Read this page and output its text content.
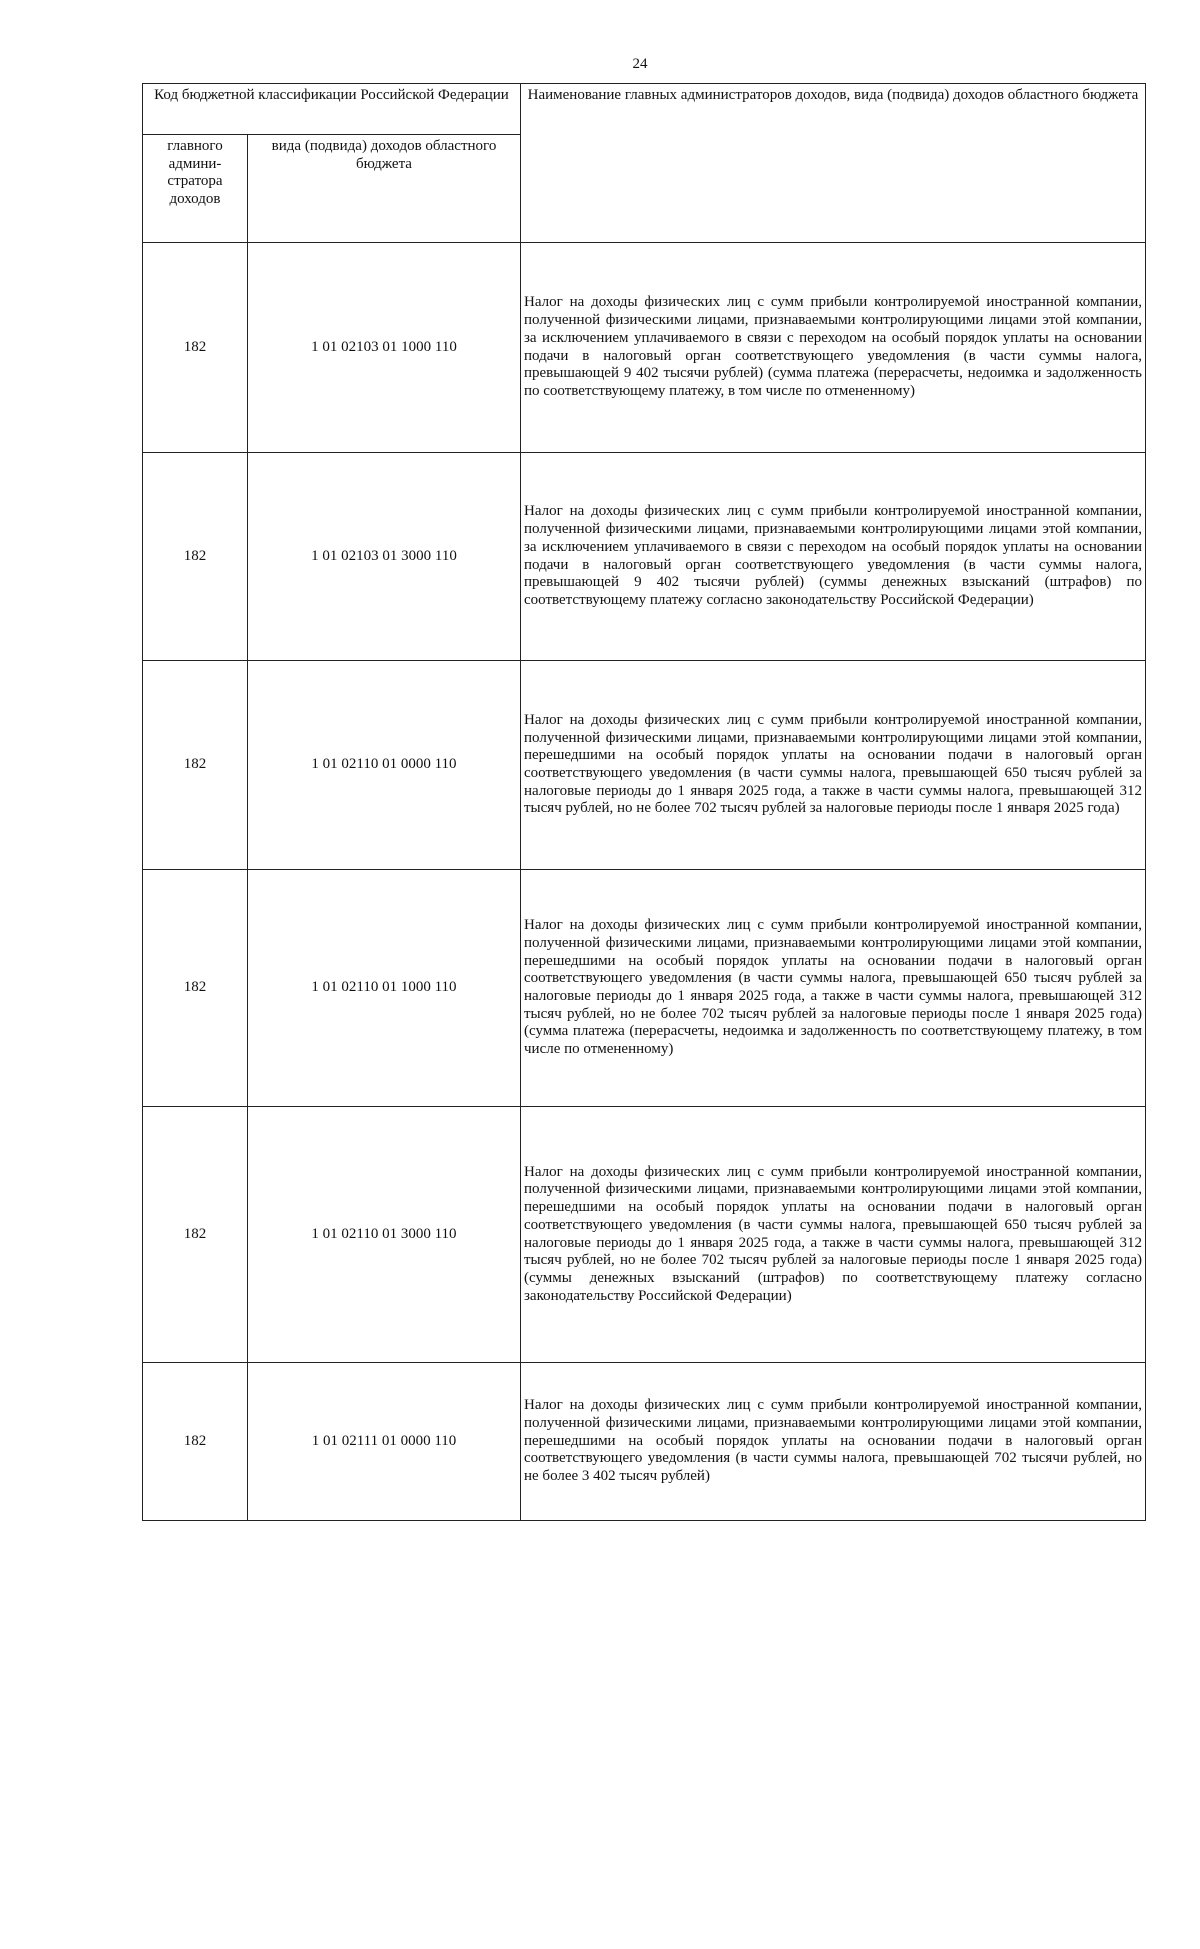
24
Код бюджетной классификации Российской Федерации		Наименование главных администраторов доходов, вида (подвида) доходов областного бюджета
главного админи-стратора доходов	вида (подвида) доходов областного бюджета	
182	1 01 02103 01 1000 110	Налог на доходы физических лиц с сумм прибыли контролируемой иностранной компании, полученной физическими лицами, признаваемыми контролирующими лицами этой компании, за исключением уплачиваемого в связи с переходом на особый порядок уплаты на основании подачи в налоговый орган соответствующего уведомления (в части суммы налога, превышающей 9 402 тысячи рублей) (сумма платежа (перерасчеты, недоимка и задолженность по соответствующему платежу, в том числе по отмененному)
182	1 01 02103 01 3000 110	Налог на доходы физических лиц с сумм прибыли контролируемой иностранной компании, полученной физическими лицами, признаваемыми контролирующими лицами этой компании, за исключением уплачиваемого в связи с переходом на особый порядок уплаты на основании подачи в налоговый орган соответствующего уведомления (в части суммы налога, превышающей 9 402 тысячи рублей) (суммы денежных взысканий (штрафов) по соответствующему платежу согласно законодательству Российской Федерации)
182	1 01 02110 01 0000 110	Налог на доходы физических лиц с сумм прибыли контролируемой иностранной компании, полученной физическими лицами, признаваемыми контролирующими лицами этой компании, перешедшими на особый порядок уплаты на основании подачи в налоговый орган соответствующего уведомления (в части суммы налога, превышающей 650 тысяч рублей за налоговые периоды до 1 января 2025 года, а также в части суммы налога, превышающей 312 тысяч рублей, но не более 702 тысяч рублей за налоговые периоды после 1 января 2025 года)
182	1 01 02110 01 1000 110	Налог на доходы физических лиц с сумм прибыли контролируемой иностранной компании, полученной физическими лицами, признаваемыми контролирующими лицами этой компании, перешедшими на особый порядок уплаты на основании подачи в налоговый орган соответствующего уведомления (в части суммы налога, превышающей 650 тысяч рублей за налоговые периоды до 1 января 2025 года, а также в части суммы налога, превышающей 312 тысяч рублей, но не более 702 тысяч рублей за налоговые периоды после 1 января 2025 года) (сумма платежа (перерасчеты, недоимка и задолженность по соответствующему платежу, в том числе по отмененному)
182	1 01 02110 01 3000 110	Налог на доходы физических лиц с сумм прибыли контролируемой иностранной компании, полученной физическими лицами, признаваемыми контролирующими лицами этой компании, перешедшими на особый порядок уплаты на основании подачи в налоговый орган соответствующего уведомления (в части суммы налога, превышающей 650 тысяч рублей за налоговые периоды до 1 января 2025 года, а также в части суммы налога, превышающей 312 тысяч рублей, но не более 702 тысяч рублей за налоговые периоды после 1 января 2025 года) (суммы денежных взысканий (штрафов) по соответствующему платежу согласно законодательству Российской Федерации)
182	1 01 02111 01 0000 110	Налог на доходы физических лиц с сумм прибыли контролируемой иностранной компании, полученной физическими лицами, признаваемыми контролирующими лицами этой компании, перешедшими на особый порядок уплаты на основании подачи в налоговый орган соответствующего уведомления (в части суммы налога, превышающей 702 тысячи рублей, но не более 3 402 тысяч рублей)
